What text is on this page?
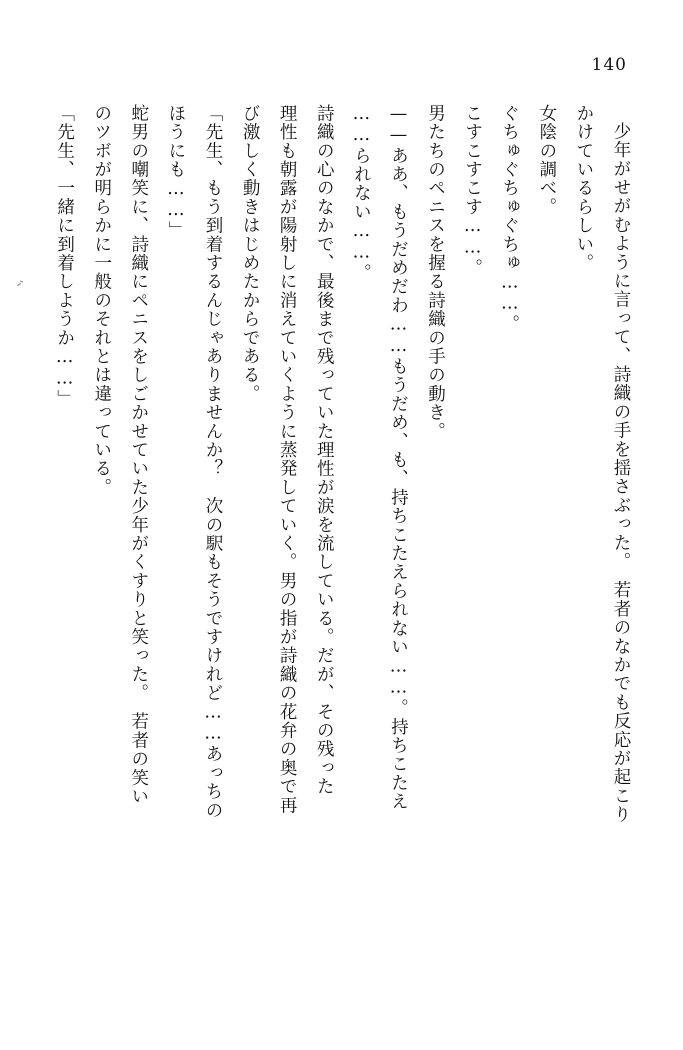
140

少年がせがむように言って、詩織の手を揺さぶった。　若者のなかでも反応が起こり

かけているらしい。

女陰の調べ。

ぐちゅぐちゅぐちゅ……。

こすこすこす……。

男たちのペニスを握る詩織の手の動き。

——ああ、もうだめだわ……もうだめ、も、持ちこたえられない……。持ちこたえ

……られない……。

詩織の心のなかで、最後まで残っていた理性が涙を流している。だが、その残った

理性も朝露が陽射しに消えていくように蒸発していく。男の指が詩織の花弁の奥で再

び激しく動きはじめたからである。

「先生、もう到着するんじゃありませんか？　次の駅もそうですけれど……あっちの

ほうにも……」

蛇男の嘲笑に、詩織にペニスをしごかせていた少年がくすりと笑った。　若者の笑い

のツボが明らかに一般のそれとは違っている。

「先生、一緒に到着しようか……」
